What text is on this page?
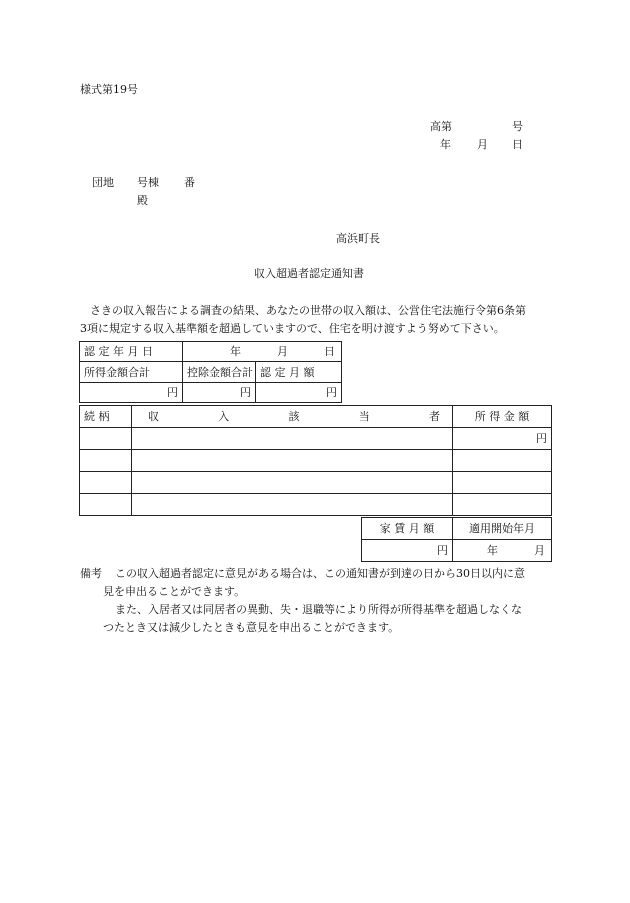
様式第19号
高第	号
年 月 日
団地 号棟 番
殿
高浜町長
収入超過者認定通知書
さきの収入報告による調査の結果、あなたの世帯の収入額は、公営住宅法施行令第6条第
3項に規定する収入基準額を超過していますので、住宅を明け渡すよう努めて下さい。
認 定 年 月 日	年 月 日	

所得金額合計	控除金額合計	認 定 月 額
円	円	円
続 柄	収 入 該 当 者	所 得 金 額
		円

家 賃 月 額	適用開始年月
円	年 月
備考 この収入超過者認定に意見がある場合は、この通知書が到達の日から30日以内に意
見を申出ることができます。
また、入居者又は同居者の異動、失・退職等により所得が所得基準を超過しなくな
つたとき又は減少したときも意見を申出ることができます。
